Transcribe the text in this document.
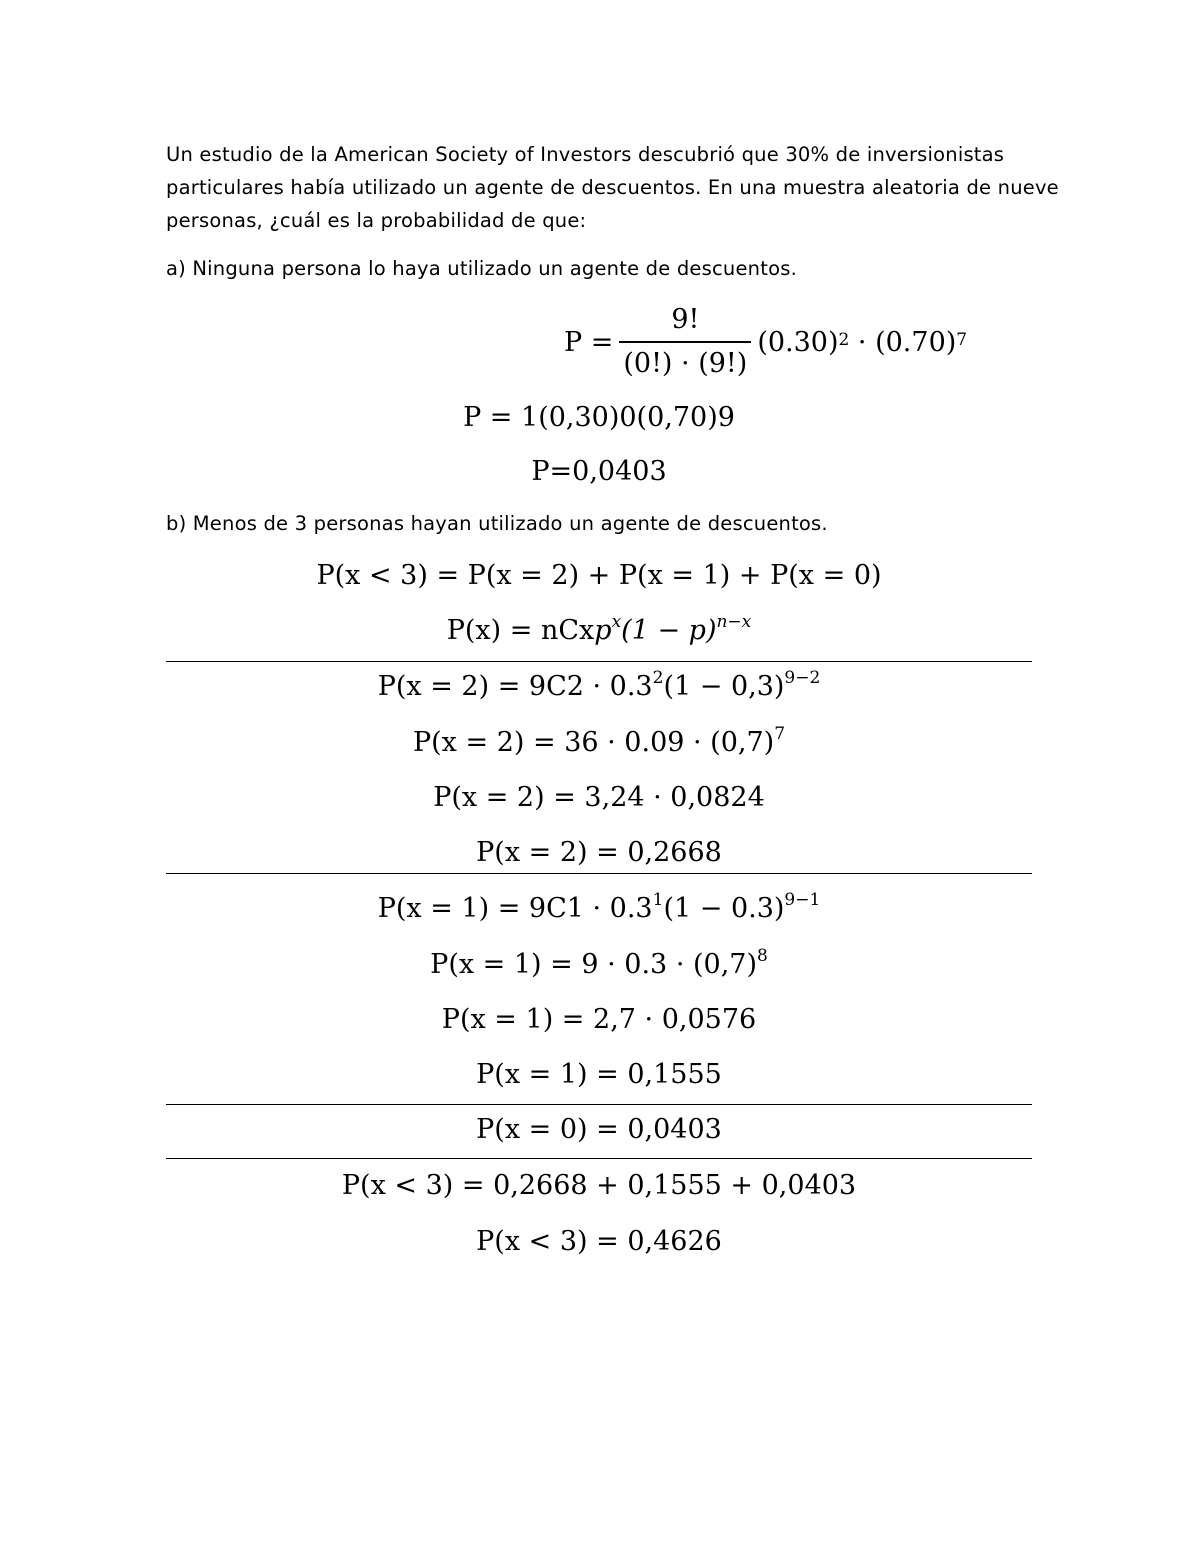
Un estudio de la American Society of Investors descubrió que 30% de inversionistas
particulares había utilizado un agente de descuentos. En una muestra aleatoria de nueve
personas, ¿cuál es la probabilidad de que:
a) Ninguna persona lo haya utilizado un agente de descuentos.
$P = \frac{9!}{(0!) \cdot (9!)} (0.30)^2 \cdot (0.70)^7$
P = 1(0,30)0(0,70)9
P=0,0403
b) Menos de 3 personas hayan utilizado un agente de descuentos.
P(x < 3) = P(x = 2) + P(x = 1) + P(x = 0)
P(x) = nCxp$^x$(1 − p)$^{n-x}$
$P(x = 2) = 9C2 \cdot 0.3^2(1 - 0,3)^{9-2}$
$P(x = 2) = 36 \cdot 0.09 \cdot (0,7)^7$
P(x = 2) = 3,24 · 0,0824
P(x = 2) = 0,2668
$P(x = 1) = 9C1 \cdot 0.3^1(1 - 0.3)^{9-1}$
$P(x = 1) = 9 \cdot 0.3 \cdot (0,7)^8$
P(x = 1) = 2,7 · 0,0576
P(x = 1) = 0,1555
P(x = 0) = 0,0403
P(x < 3) = 0,2668 + 0,1555 + 0,0403
P(x < 3) = 0,4626
